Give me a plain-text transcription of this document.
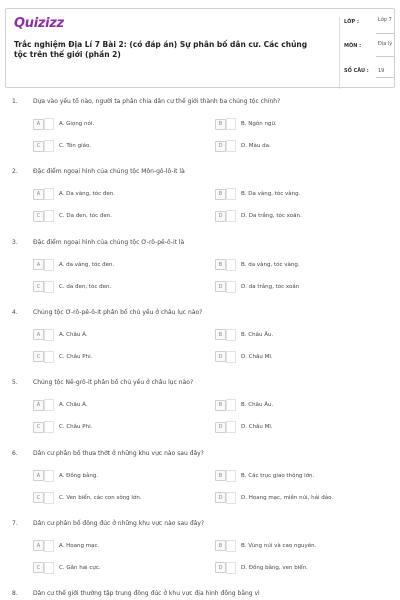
Quizizz
Trắc nghiệm Địa Lí 7 Bài 2: (có đáp án) Sự phân bố dân cư. Các chủng tộc trên thế giới (phần 2)
LỚP :	Lớp 7
MÔN :	Địa lý
SỐ CÂU : 19
1.	Dựa vào yếu tố nào, người ta phân chia dân cư thế giới thành ba chủng tộc chính?
A	A. Giọng nói.	B	B. Ngôn ngữ.
C	C. Tôn giáo.	D	D. Màu da.
2.	Đặc điểm ngoại hình của chủng tộc Môn-gô-lô-it là
A	A. Da vàng, tóc đen.	B	B. Da vàng, tóc vàng.
C	C. Da đen, tóc đen.	D	D. Da trắng, tóc xoăn.
3.	Đặc điểm ngoại hình của chủng tộc Ơ-rô-pê-ô-it là
A	A. da vàng, tóc đen.	B	B. da vàng, tóc vàng.
C	C. da đen, tóc đen.	D	D. da trắng, tóc xoăn
4.	Chủng tộc Ơ-rô-pê-ô-it phân bố chủ yếu ở châu lục nào?
A	A. Châu Á.	B	B. Châu Âu.
C	C. Châu Phi.	D	D. Châu Mĩ.
5.	Chủng tộc Nê-grô-it phân bố chủ yếu ở châu lục nào?
A	A. Châu Á.	B	B. Châu Âu.
C	C. Châu Phi.	D	D. Châu Mĩ.
6.	Dân cư phân bố thưa thớt ở những khu vực nào sau đây?
A	A. Đồng bằng.	B	B. Các trục giao thông lớn.
C	C. Ven biển, các con sông lớn.	D	D. Hoang mạc, miền núi, hải đảo.
7.	Dân cư phân bố đông đúc ở những khu vực nào sau đây?
A	A. Hoang mạc.	B	B. Vùng núi và cao nguyên.
C	C. Gần hai cực.	D	D. Đồng bằng, ven biển.
8.	Dân cư thế giới thường tập trung đông đúc ở khu vực địa hình đồng bằng vì
